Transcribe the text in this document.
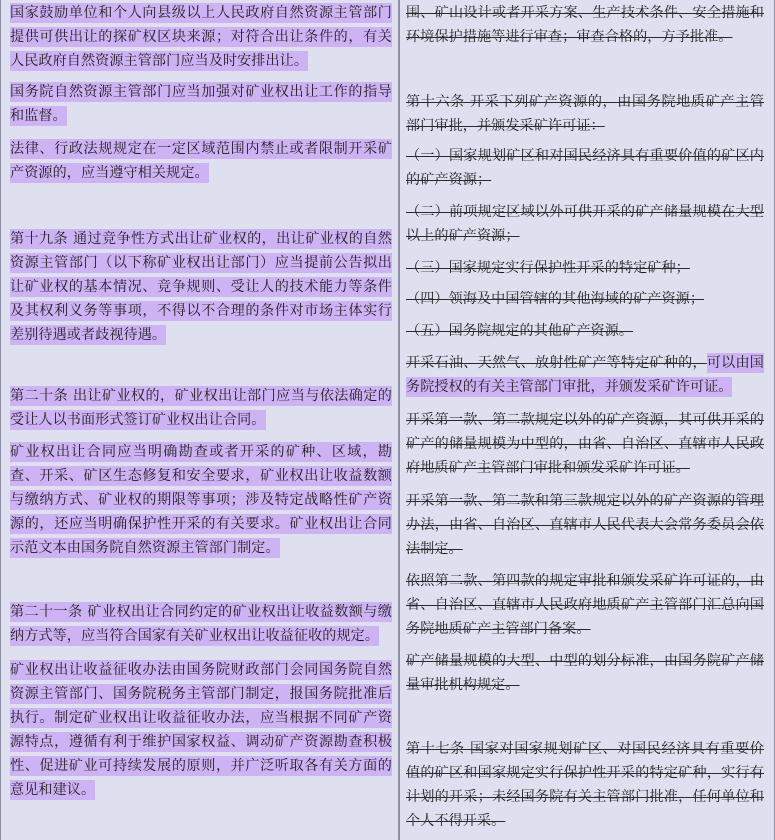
国家鼓励单位和个人向县级以上人民政府自然资源主管部门提供可供出让的探矿权区块来源；对符合出让条件的，有关人民政府自然资源主管部门应当及时安排出让。
国务院自然资源主管部门应当加强对矿业权出让工作的指导和监督。
法律、行政法规规定在一定区域范围内禁止或者限制开采矿产资源的，应当遵守相关规定。
第十九条 通过竞争性方式出让矿业权的，出让矿业权的自然资源主管部门（以下称矿业权出让部门）应当提前公告拟出让矿业权的基本情况、竞争规则、受让人的技术能力等条件及其权利义务等事项，不得以不合理的条件对市场主体实行差别待遇或者歧视待遇。
第二十条 出让矿业权的，矿业权出让部门应当与依法确定的受让人以书面形式签订矿业权出让合同。
矿业权出让合同应当明确勘查或者开采的矿种、区域，勘查、开采、矿区生态修复和安全要求，矿业权出让收益数额与缴纳方式、矿业权的期限等事项；涉及特定战略性矿产资源的，还应当明确保护性开采的有关要求。矿业权出让合同示范文本由国务院自然资源主管部门制定。
第二十一条 矿业权出让合同约定的矿业权出让收益数额与缴纳方式等，应当符合国家有关矿业权出让收益征收的规定。
矿业权出让收益征收办法由国务院财政部门会同国务院自然资源主管部门、国务院税务主管部门制定，报国务院批准后执行。制定矿业权出让收益征收办法，应当根据不同矿产资源特点，遵循有利于维护国家权益、调动矿产资源勘查积极性、促进矿业可持续发展的原则，并广泛听取各有关方面的意见和建议。
围、矿山设计或者开采方案、生产技术条件、安全措施和环境保护措施等进行审查；审查合格的，方予批准。
第十六条 开采下列矿产资源的，由国务院地质矿产主管部门审批，并颁发采矿许可证：
（一）国家规划矿区和对国民经济具有重要价值的矿区内的矿产资源；
（二）前项规定区域以外可供开采的矿产储量规模在大型以上的矿产资源；
（三）国家规定实行保护性开采的特定矿种；
（四）领海及中国管辖的其他海域的矿产资源；
（五）国务院规定的其他矿产资源。
开采石油、天然气、放射性矿产等特定矿种的，可以由国务院授权的有关主管部门审批，并颁发采矿许可证。
开采第一款、第二款规定以外的矿产资源，其可供开采的矿产的储量规模为中型的，由省、自治区、直辖市人民政府地质矿产主管部门审批和颁发采矿许可证。
开采第一款、第二款和第三款规定以外的矿产资源的管理办法，由省、自治区、直辖市人民代表大会常务委员会依法制定。
依照第二款、第四款的规定审批和颁发采矿许可证的，由省、自治区、直辖市人民政府地质矿产主管部门汇总向国务院地质矿产主管部门备案。
矿产储量规模的大型、中型的划分标准，由国务院矿产储量审批机构规定。
第十七条 国家对国家规划矿区、对国民经济具有重要价值的矿区和国家规定实行保护性开采的特定矿种，实行有计划的开采；未经国务院有关主管部门批准，任何单位和个人不得开采。
